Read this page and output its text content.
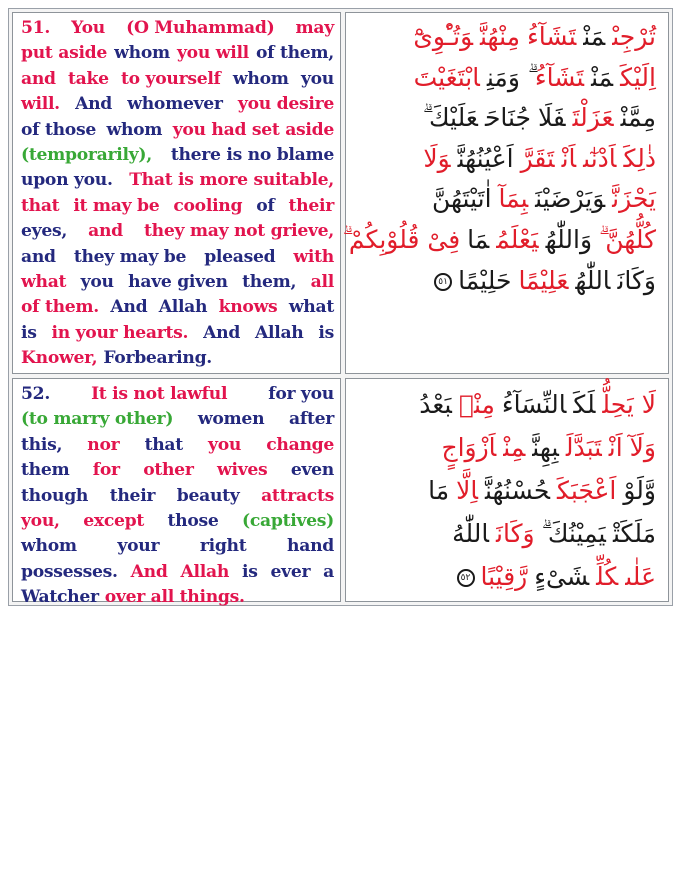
51. You (O Muhammad) may
put aside whom you will of them,
and take to yourself whom you
will. And whomever you desire
of those whom you had set aside
(temporarily), there is no blame
upon you. That is more suitable,
that it may be cooling of their
eyes, and they may not grieve,
and they may be pleased with
what you have given them, all
of them. And Allah knows what
is in your hearts. And Allah is
Knower, Forbearing.
تُرْجِىْمَنْتَشَآءُمِنْهُنَّوَتُـْٔوِىْٓ
اِلَيْكَمَنْتَشَآءُۗ وَمَنِابْتَغَيْتَ
مِمَّنْعَزَلْتَفَلَاجُنَاحَعَلَيْكَ ۗ
ذٰلِكَاَدْنٰٓىاَنْتَقَرَّاَعْيُنُهُنَّوَلَا
يَحْزَنَّوَيَرْضَيْنَبِمَآاٰتَيْتَهُنَّ
كُلُّهُنَّ ۗوَاللّٰهُيَعْلَمُمَافِىْ قُلُوْبِكُمْ ۗ
وَكَانَاللّٰهُعَلِيْمًاحَلِيْمًا٥١
52. It is not lawful for you
(to marry other) women after
this, nor that you change
them for other wives even
though their beauty attracts
you, except those (captives)
whom your right hand
possesses. And Allah is ever a
Watcher over all things.
لَا يَحِلُّلَكَالنِّسَآءُمِنْۢبَعْدُ
وَلَآاَنْتَبَدَّلَبِهِنَّمِنْاَزْوَاجٍ
وَّلَوْاَعْجَبَكَحُسْنُهُنَّاِلَّامَا
مَلَكَتْيَمِيْنُكَ ۗوَكَانَاللّٰهُ
عَلٰىكُلِّشَىْءٍرَّقِيْبًا٥٢
